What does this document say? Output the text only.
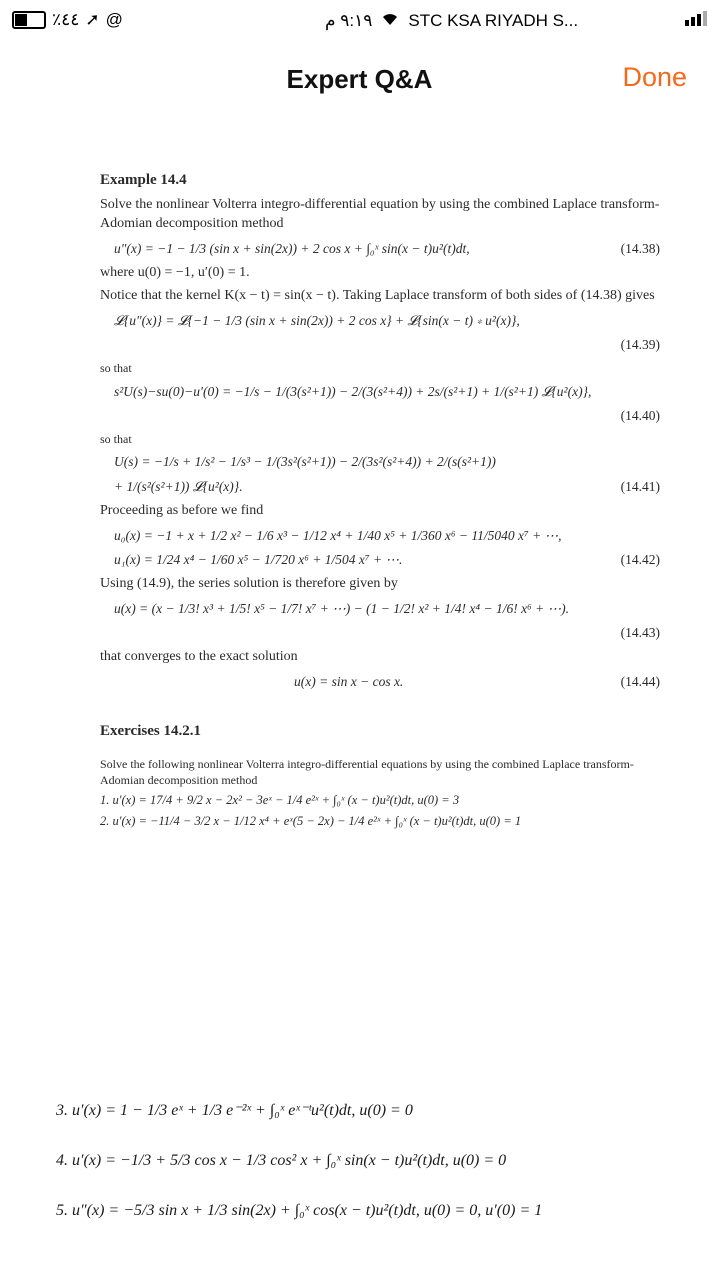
٪٤٤ ➚ @	٩:١٩ م STC KSA RIYADH S...
Expert Q&A	Done
Example 14.4
Solve the nonlinear Volterra integro-differential equation by using the combined Laplace transform-Adomian decomposition method
u″(x) = −1 − 1/3 (sin x + sin(2x)) + 2 cos x + ∫₀ˣ sin(x − t)u²(t)dt,	(14.38)
where u(0) = −1, u′(0) = 1.
Notice that the kernel K(x − t) = sin(x − t). Taking Laplace transform of both sides of (14.38) gives
𝓛{u″(x)} = 𝓛{−1 − 1/3 (sin x + sin(2x)) + 2 cos x} + 𝓛{sin(x − t) ∗ u²(x)},
(14.39)
so that
s²U(s)−su(0)−u′(0) = −1/s − 1/(3(s²+1)) − 2/(3(s²+4)) + 2s/(s²+1) + 1/(s²+1) 𝓛{u²(x)},
(14.40)
so that
U(s) = −1/s + 1/s² − 1/s³ − 1/(3s²(s²+1)) − 2/(3s²(s²+4)) + 2/(s(s²+1))
+ 1/(s²(s²+1)) 𝓛{u²(x)}.	(14.41)
Proceeding as before we find
u₀(x) = −1 + x + 1/2 x² − 1/6 x³ − 1/12 x⁴ + 1/40 x⁵ + 1/360 x⁶ − 11/5040 x⁷ + ⋯,
u₁(x) = 1/24 x⁴ − 1/60 x⁵ − 1/720 x⁶ + 1/504 x⁷ + ⋯.	(14.42)
Using (14.9), the series solution is therefore given by
u(x) = (x − 1/3! x³ + 1/5! x⁵ − 1/7! x⁷ + ⋯) − (1 − 1/2! x² + 1/4! x⁴ − 1/6! x⁶ + ⋯).
(14.43)
that converges to the exact solution
u(x) = sin x − cos x.	(14.44)
Exercises 14.2.1
Solve the following nonlinear Volterra integro-differential equations by using the combined Laplace transform-Adomian decomposition method
1. u′(x) = 17/4 + 9/2 x − 2x² − 3eˣ − 1/4 e²ˣ + ∫₀ˣ (x − t)u²(t)dt, u(0) = 3
2. u′(x) = −11/4 − 3/2 x − 1/12 x⁴ + eˣ(5 − 2x) − 1/4 e²ˣ + ∫₀ˣ (x − t)u²(t)dt, u(0) = 1
3. u′(x) = 1 − 1/3 eˣ + 1/3 e⁻²ˣ + ∫₀ˣ eˣ⁻ᵗu²(t)dt, u(0) = 0
4. u′(x) = −1/3 + 5/3 cos x − 1/3 cos² x + ∫₀ˣ sin(x − t)u²(t)dt, u(0) = 0
5. u″(x) = −5/3 sin x + 1/3 sin(2x) + ∫₀ˣ cos(x − t)u²(t)dt, u(0) = 0, u′(0) = 1
